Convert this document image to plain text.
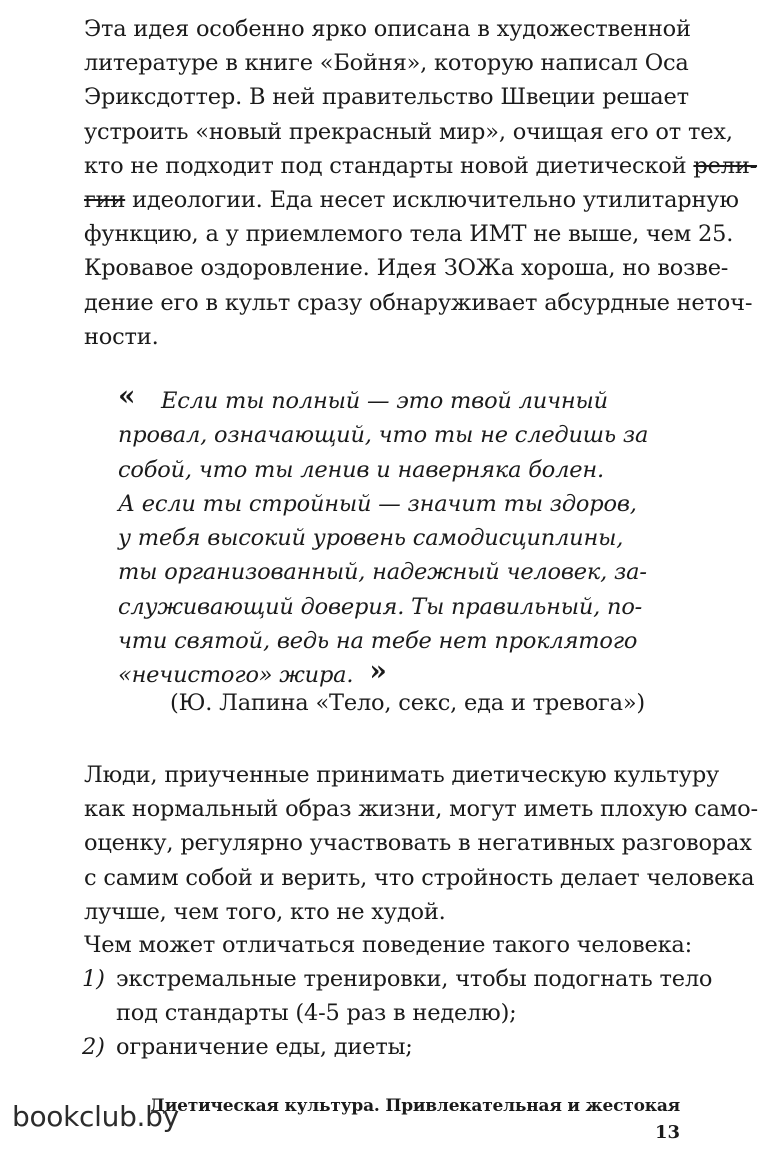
Эта идея особенно ярко описана в художественной
литературе в книге «Бойня», которую написал Оса
Эриксдоттер. В ней правительство Швеции решает
устроить «новый прекрасный мир», очищая его от тех,
кто не подходит под стандарты новой диетической рели-
гии идеологии. Еда несет исключительно утилитарную
функцию, а у приемлемого тела ИМТ не выше, чем 25.
Кровавое оздоровление. Идея ЗОЖа хороша, но возве-
дение его в культ сразу обнаруживает абсурдные неточ-
ности.

«	Если ты полный — это твой личный
провал, означающий, что ты не следишь за
собой, что ты ленив и наверняка болен.
А если ты стройный — значит ты здоров,
у тебя высокий уровень самодисциплины,
ты организованный, надежный человек, за-
служивающий доверия. Ты правильный, по-
чти святой, ведь на тебе нет проклятого
«нечистого» жира. »
(Ю. Лапина «Тело, секс, еда и тревога»)

Люди, приученные принимать диетическую культуру
как нормальный образ жизни, могут иметь плохую само-
оценку, регулярно участвовать в негативных разговорах
с самим собой и верить, что стройность делает человека
лучше, чем того, кто не худой.

Чем может отличаться поведение такого человека:

1) экстремальные тренировки, чтобы подогнать тело
под стандарты (4-5 раз в неделю);
2) ограничение еды, диеты;
Диетическая культура. Привлекательная и жестокая
13
bookclub.by
